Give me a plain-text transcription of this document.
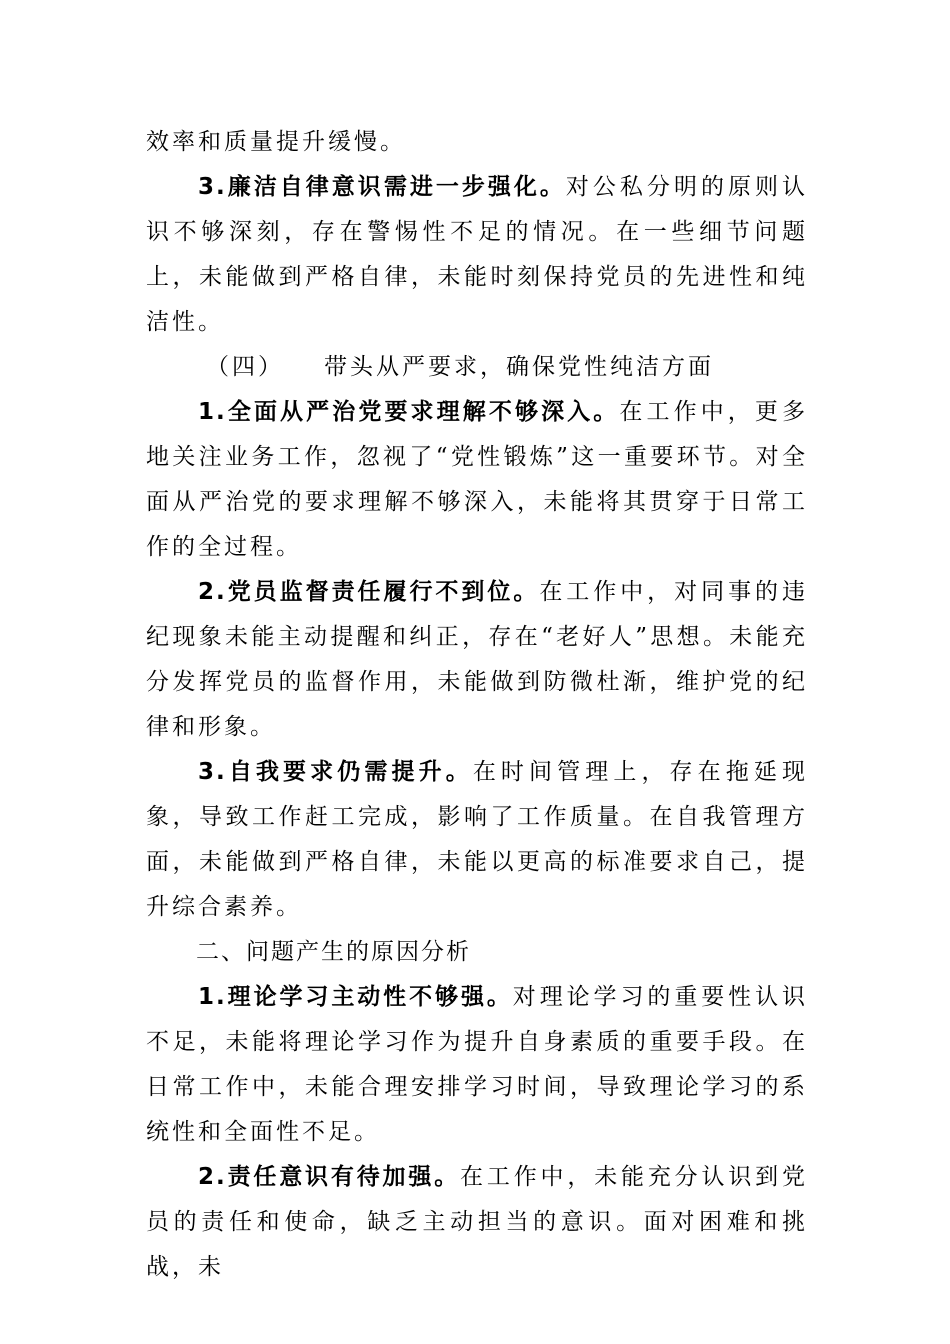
效率和质量提升缓慢。

3.廉洁自律意识需进一步强化。对公私分明的原则认识不够深刻，存在警惕性不足的情况。在一些细节问题上，未能做到严格自律，未能时刻保持党员的先进性和纯洁性。

（四） 带头从严要求，确保党性纯洁方面

1.全面从严治党要求理解不够深入。在工作中，更多地关注业务工作，忽视了“党性锻炼”这一重要环节。对全面从严治党的要求理解不够深入，未能将其贯穿于日常工作的全过程。

2.党员监督责任履行不到位。在工作中，对同事的违纪现象未能主动提醒和纠正，存在“老好人”思想。未能充分发挥党员的监督作用，未能做到防微杜渐，维护党的纪律和形象。

3.自我要求仍需提升。在时间管理上，存在拖延现象，导致工作赶工完成，影响了工作质量。在自我管理方面，未能做到严格自律，未能以更高的标准要求自己，提升综合素养。

二、问题产生的原因分析

1.理论学习主动性不够强。对理论学习的重要性认识不足，未能将理论学习作为提升自身素质的重要手段。在日常工作中，未能合理安排学习时间，导致理论学习的系统性和全面性不足。

2.责任意识有待加强。在工作中，未能充分认识到党员的责任和使命，缺乏主动担当的意识。面对困难和挑战，未
